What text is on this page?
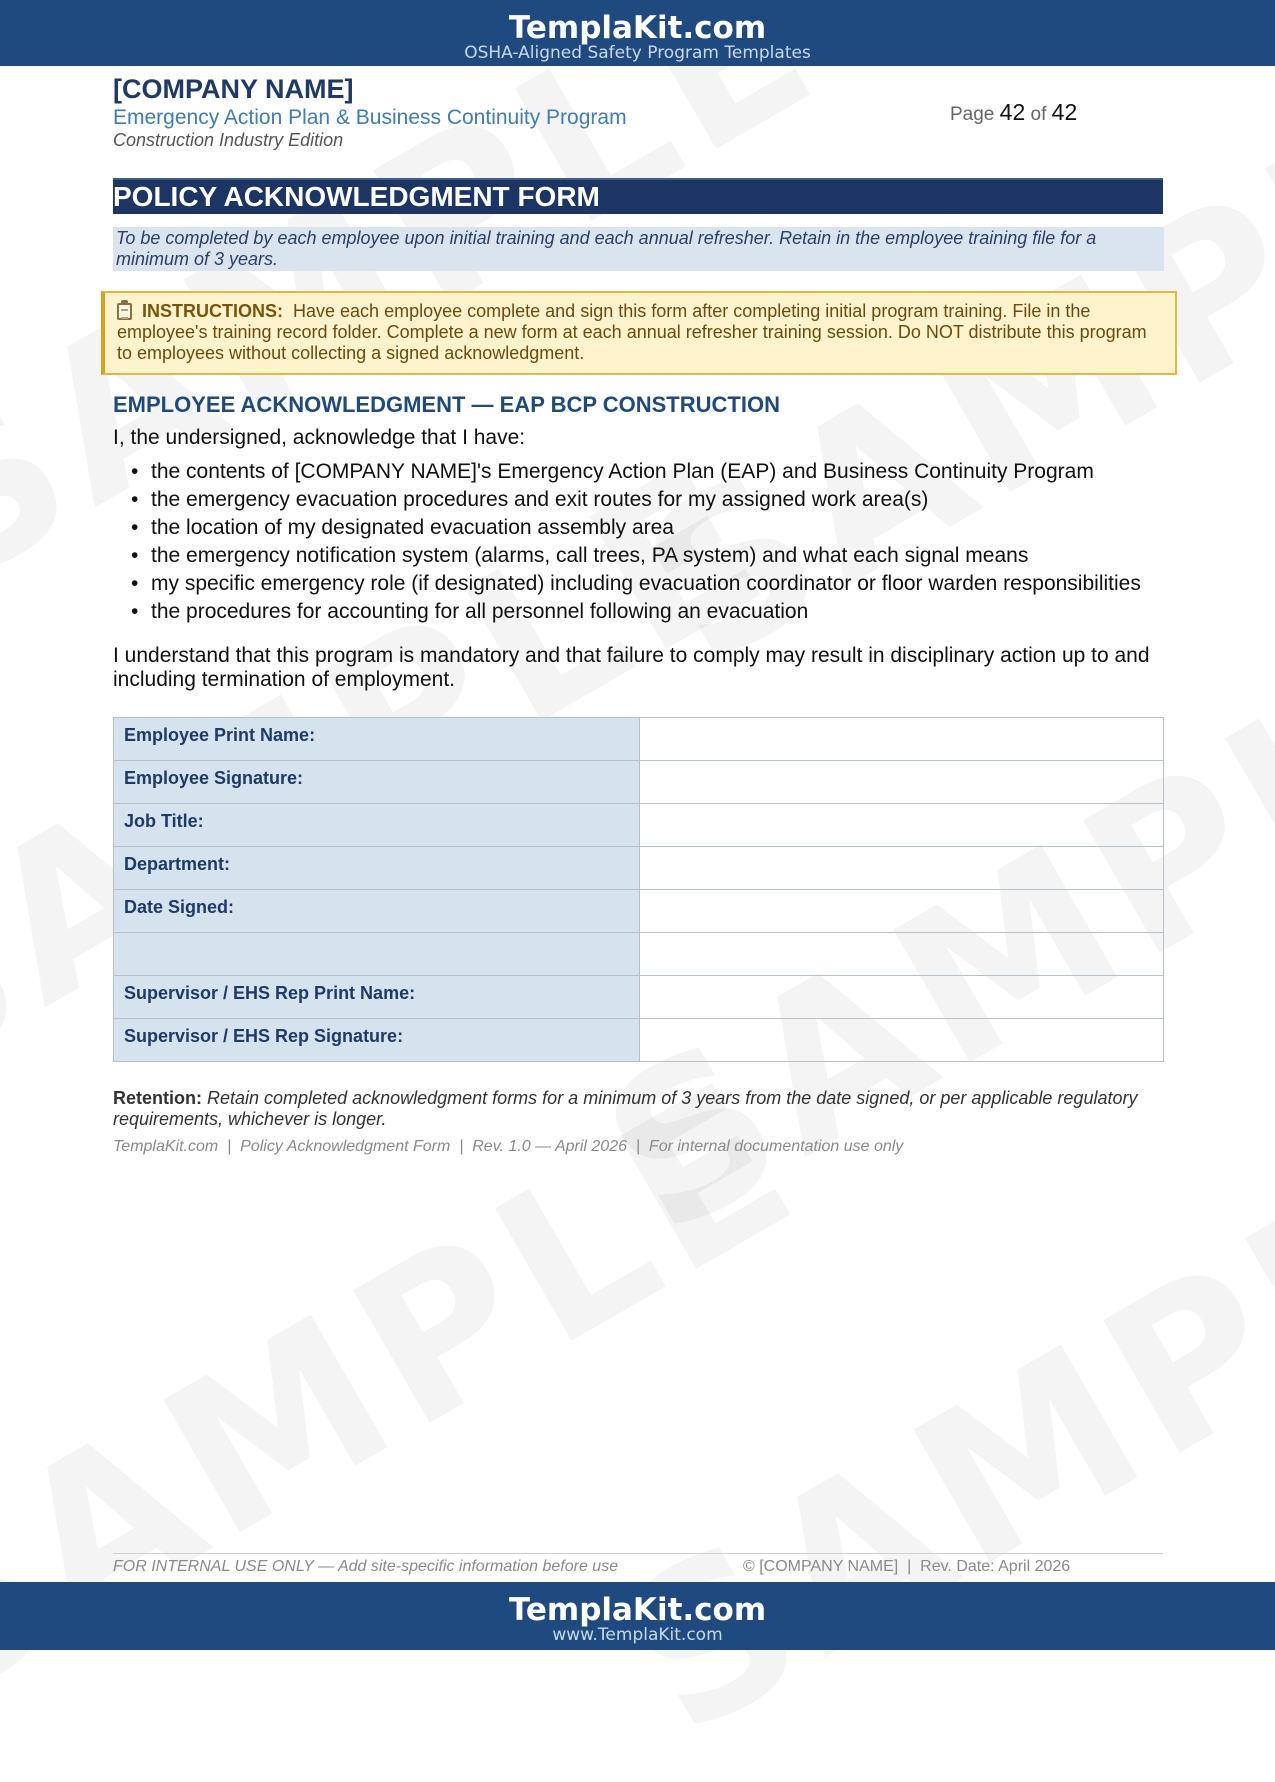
TemplaKit.com
OSHA-Aligned Safety Program Templates
[COMPANY NAME]
Emergency Action Plan & Business Continuity Program
Construction Industry Edition
Page 42 of 42
POLICY ACKNOWLEDGMENT FORM
To be completed by each employee upon initial training and each annual refresher. Retain in the employee training file for a minimum of 3 years.
INSTRUCTIONS: Have each employee complete and sign this form after completing initial program training. File in the employee's training record folder. Complete a new form at each annual refresher training session. Do NOT distribute this program to employees without collecting a signed acknowledgment.
EMPLOYEE ACKNOWLEDGMENT — EAP BCP CONSTRUCTION
I, the undersigned, acknowledge that I have:
• the contents of [COMPANY NAME]'s Emergency Action Plan (EAP) and Business Continuity Program
• the emergency evacuation procedures and exit routes for my assigned work area(s)
• the location of my designated evacuation assembly area
• the emergency notification system (alarms, call trees, PA system) and what each signal means
• my specific emergency role (if designated) including evacuation coordinator or floor warden responsibilities
• the procedures for accounting for all personnel following an evacuation
I understand that this program is mandatory and that failure to comply may result in disciplinary action up to and including termination of employment.
Employee Print Name:	
Employee Signature:	
Job Title:	
Department:	
Date Signed:	

Supervisor / EHS Rep Print Name:	
Supervisor / EHS Rep Signature:	
Retention: Retain completed acknowledgment forms for a minimum of 3 years from the date signed, or per applicable regulatory requirements, whichever is longer.
TemplaKit.com  |  Policy Acknowledgment Form  |  Rev. 1.0 — April 2026  |  For internal documentation use only
FOR INTERNAL USE ONLY — Add site-specific information before use	© [COMPANY NAME]  |  Rev. Date: April 2026
TemplaKit.com
www.TemplaKit.com
